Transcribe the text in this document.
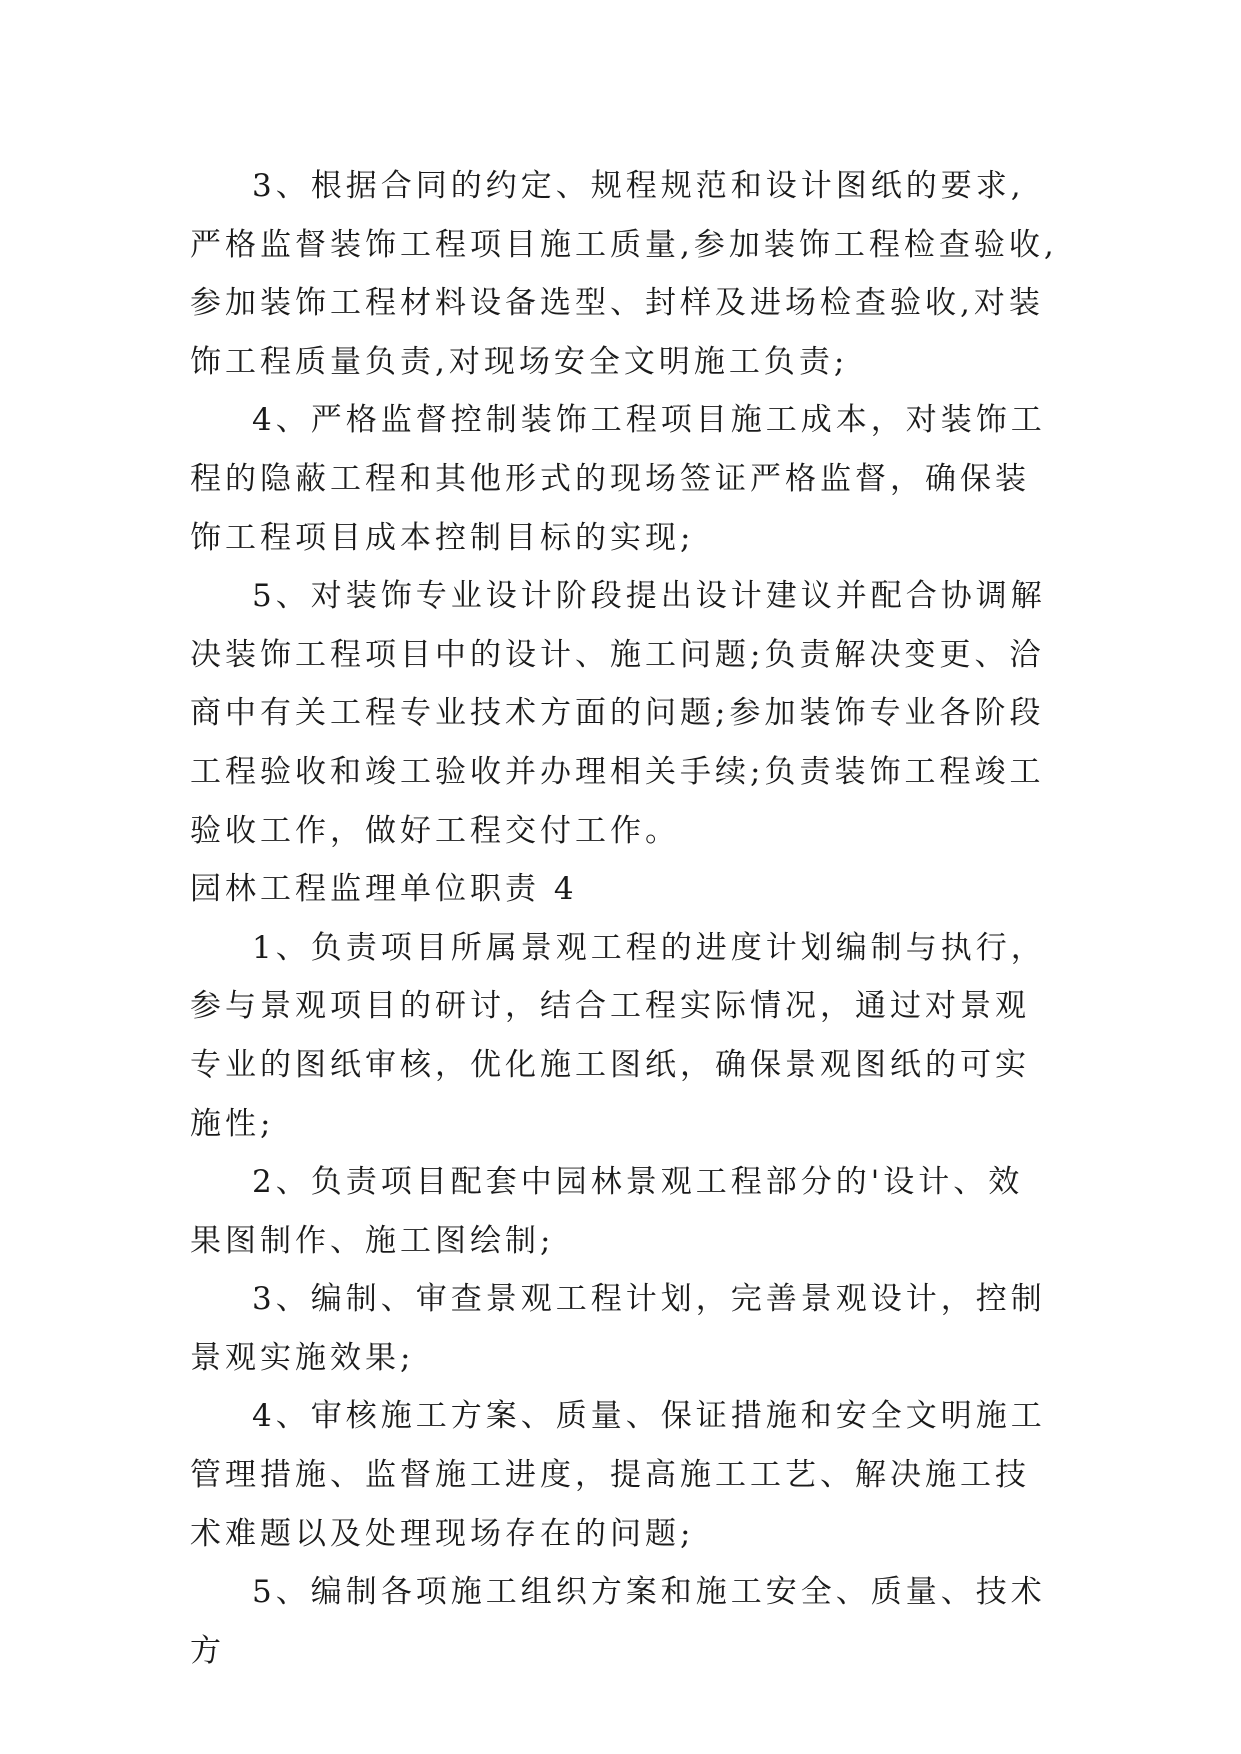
3、根据合同的约定、规程规范和设计图纸的要求,严格监督装饰工程项目施工质量,参加装饰工程检查验收,参加装饰工程材料设备选型、封样及进场检查验收,对装饰工程质量负责,对现场安全文明施工负责;

4、严格监督控制装饰工程项目施工成本，对装饰工程的隐蔽工程和其他形式的现场签证严格监督，确保装饰工程项目成本控制目标的实现;

5、对装饰专业设计阶段提出设计建议并配合协调解决装饰工程项目中的设计、施工问题;负责解决变更、洽商中有关工程专业技术方面的问题;参加装饰专业各阶段工程验收和竣工验收并办理相关手续;负责装饰工程竣工验收工作，做好工程交付工作。

园林工程监理单位职责 4

1、负责项目所属景观工程的进度计划编制与执行，参与景观项目的研讨，结合工程实际情况，通过对景观专业的图纸审核，优化施工图纸，确保景观图纸的可实施性;

2、负责项目配套中园林景观工程部分的'设计、效果图制作、施工图绘制;

3、编制、审查景观工程计划，完善景观设计，控制景观实施效果;

4、审核施工方案、质量、保证措施和安全文明施工管理措施、监督施工进度，提高施工工艺、解决施工技术难题以及处理现场存在的问题;

5、编制各项施工组织方案和施工安全、质量、技术方
